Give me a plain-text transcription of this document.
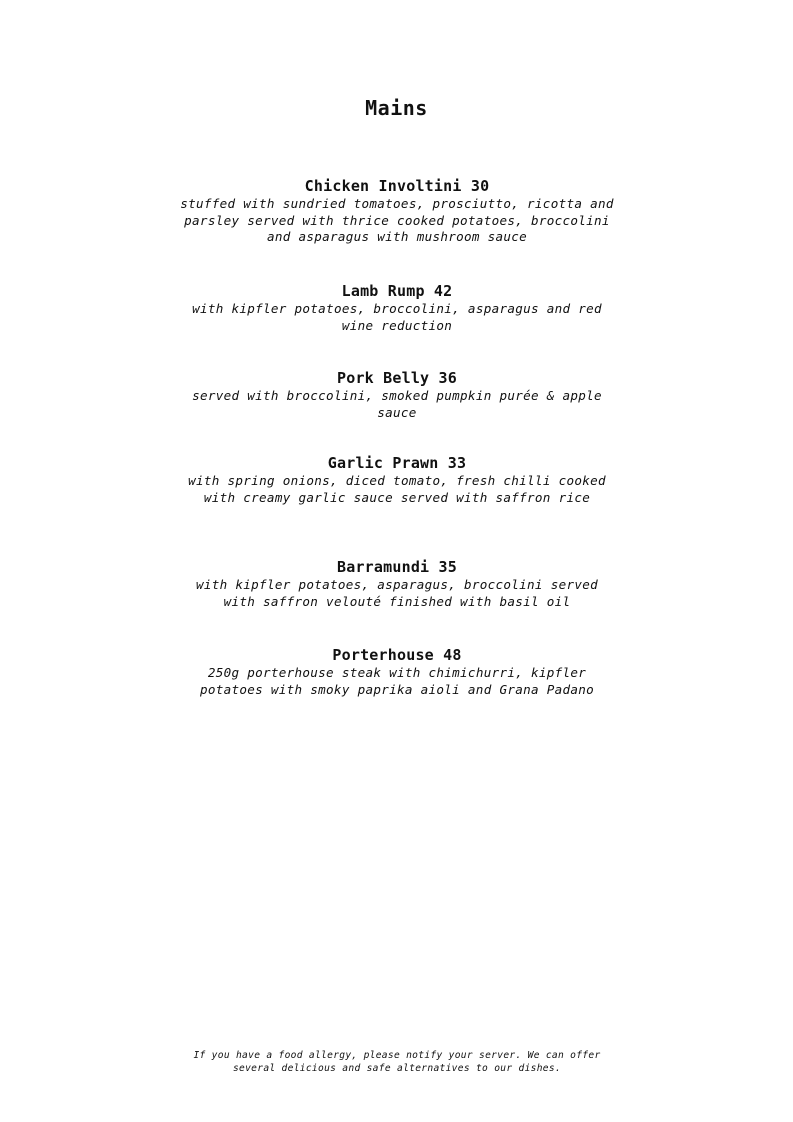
Mains

Chicken Involtini 30

stuffed with sundried tomatoes, prosciutto, ricotta and parsley served with thrice cooked potatoes, broccolini and asparagus with mushroom sauce

Lamb Rump 42

with kipfler potatoes, broccolini, asparagus and red wine reduction

Pork Belly 36

served with broccolini, smoked pumpkin purée & apple sauce

Garlic Prawn 33

with spring onions, diced tomato, fresh chilli cooked with creamy garlic sauce served with saffron rice

Barramundi 35

with kipfler potatoes, asparagus, broccolini served with saffron velouté finished with basil oil

Porterhouse 48

250g porterhouse steak with chimichurri, kipfler potatoes with smoky paprika aioli and Grana Padano

If you have a food allergy, please notify your server. We can offer several delicious and safe alternatives to our dishes.
